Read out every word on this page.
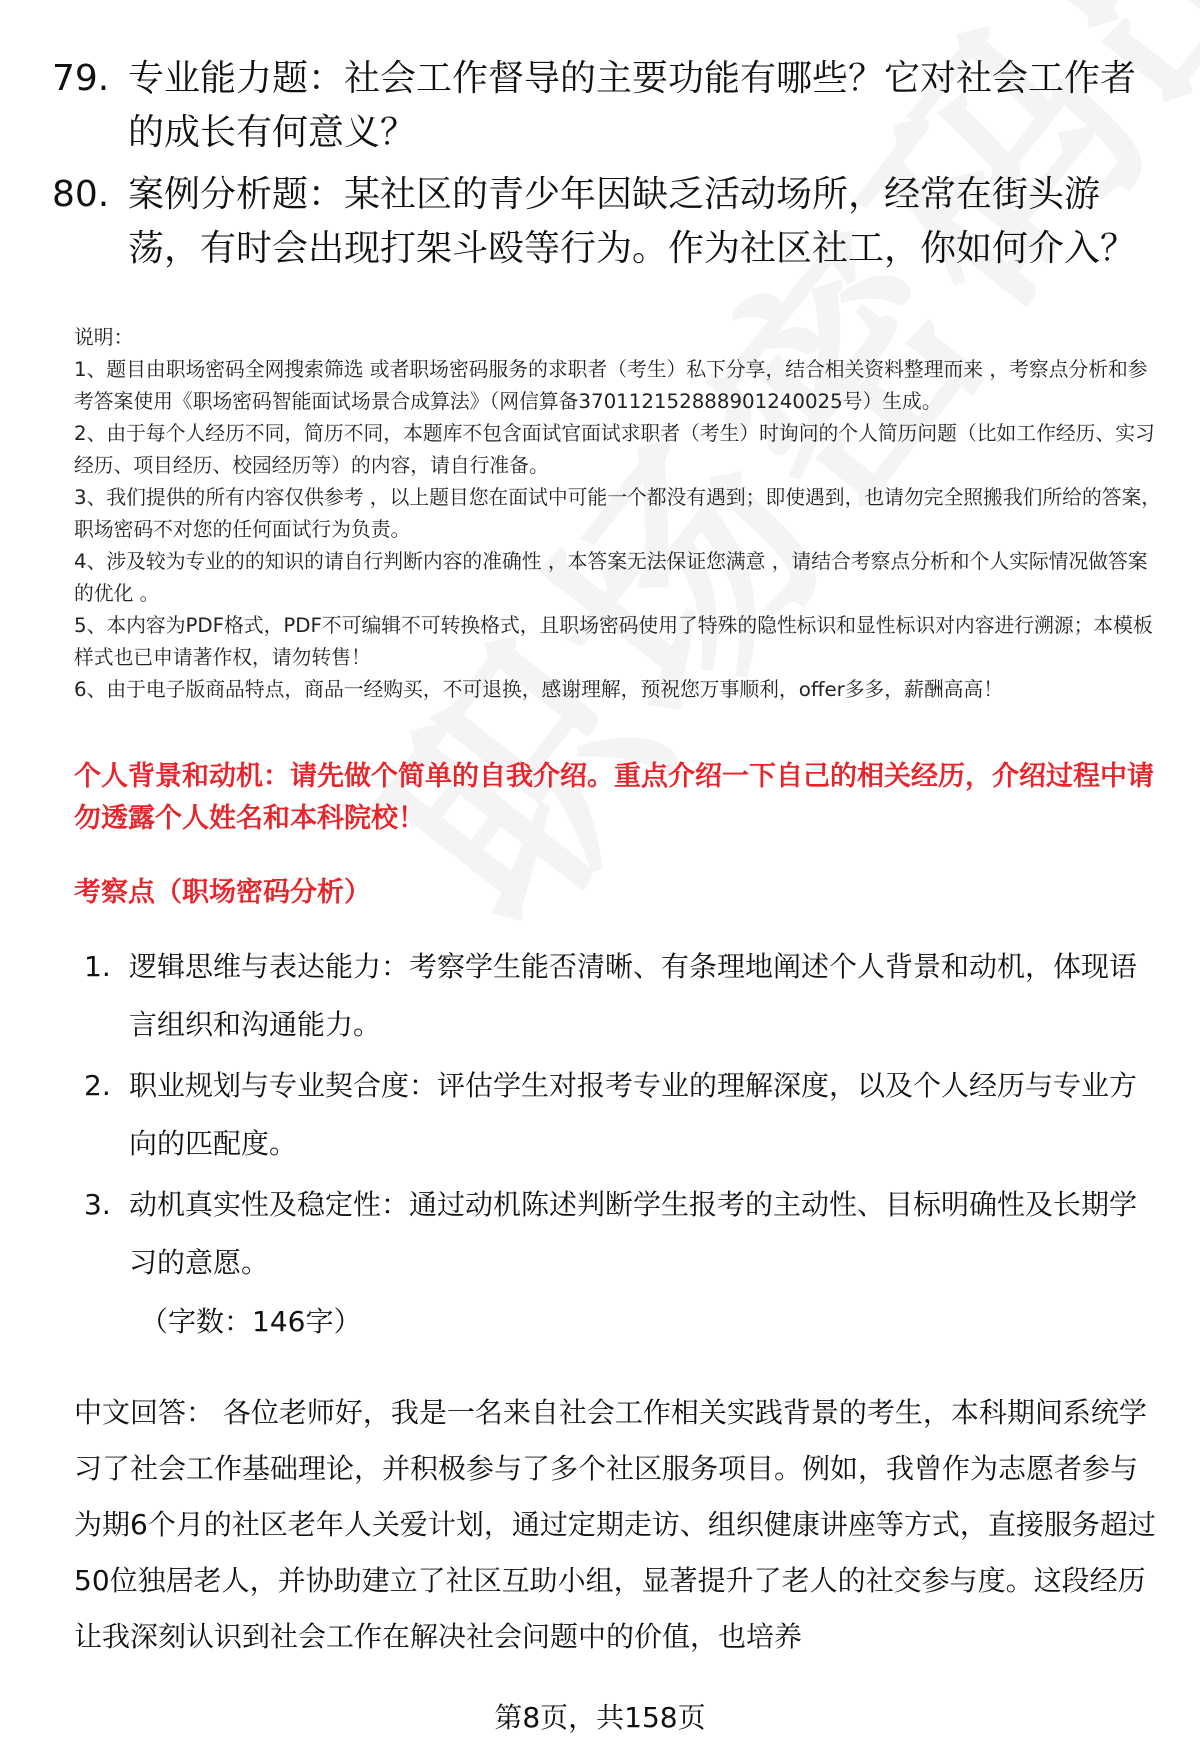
79. 专业能力题：社会工作督导的主要功能有哪些？它对社会工作者的成长有何意义？
80. 案例分析题：某社区的青少年因缺乏活动场所，经常在街头游荡，有时会出现打架斗殴等行为。作为社区社工，你如何介入？

说明：

1、题目由职场密码全网搜索筛选 或者职场密码服务的求职者（考生）私下分享，结合相关资料整理而来 ，考察点分析和参考答案使用《职场密码智能面试场景合成算法》（网信算备370112152888901240025号）生成。

2、由于每个人经历不同，简历不同，本题库不包含面试官面试求职者（考生）时询问的个人简历问题（比如工作经历、实习经历、项目经历、校园经历等）的内容，请自行准备。

3、我们提供的所有内容仅供参考 ，以上题目您在面试中可能一个都没有遇到；即使遇到，也请勿完全照搬我们所给的答案，职场密码不对您的任何面试行为负责。

4、涉及较为专业的的知识的请自行判断内容的准确性 ，本答案无法保证您满意 ，请结合考察点分析和个人实际情况做答案的优化 。

5、本内容为PDF格式，PDF不可编辑不可转换格式，且职场密码使用了特殊的隐性标识和显性标识对内容进行溯源；本模板样式也已申请著作权，请勿转售！

6、由于电子版商品特点，商品一经购买，不可退换，感谢理解，预祝您万事顺利，offer多多，薪酬高高！

个人背景和动机：请先做个简单的自我介绍。重点介绍一下自己的相关经历，介绍过程中请勿透露个人姓名和本科院校！
考察点（职场密码分析）
1. 逻辑思维与表达能力：考察学生能否清晰、有条理地阐述个人背景和动机，体现语言组织和沟通能力。
2. 职业规划与专业契合度：评估学生对报考专业的理解深度，以及个人经历与专业方向的匹配度。
3. 动机真实性及稳定性：通过动机陈述判断学生报考的主动性、目标明确性及长期学习的意愿。
（字数：146字）
中文回答： 各位老师好，我是一名来自社会工作相关实践背景的考生，本科期间系统学习了社会工作基础理论，并积极参与了多个社区服务项目。例如，我曾作为志愿者参与为期6个月的社区老年人关爱计划，通过定期走访、组织健康讲座等方式，直接服务超过50位独居老人，并协助建立了社区互助小组，显著提升了老人的社交参与度。这段经历让我深刻认识到社会工作在解决社会问题中的价值，也培养
第8页，共158页
